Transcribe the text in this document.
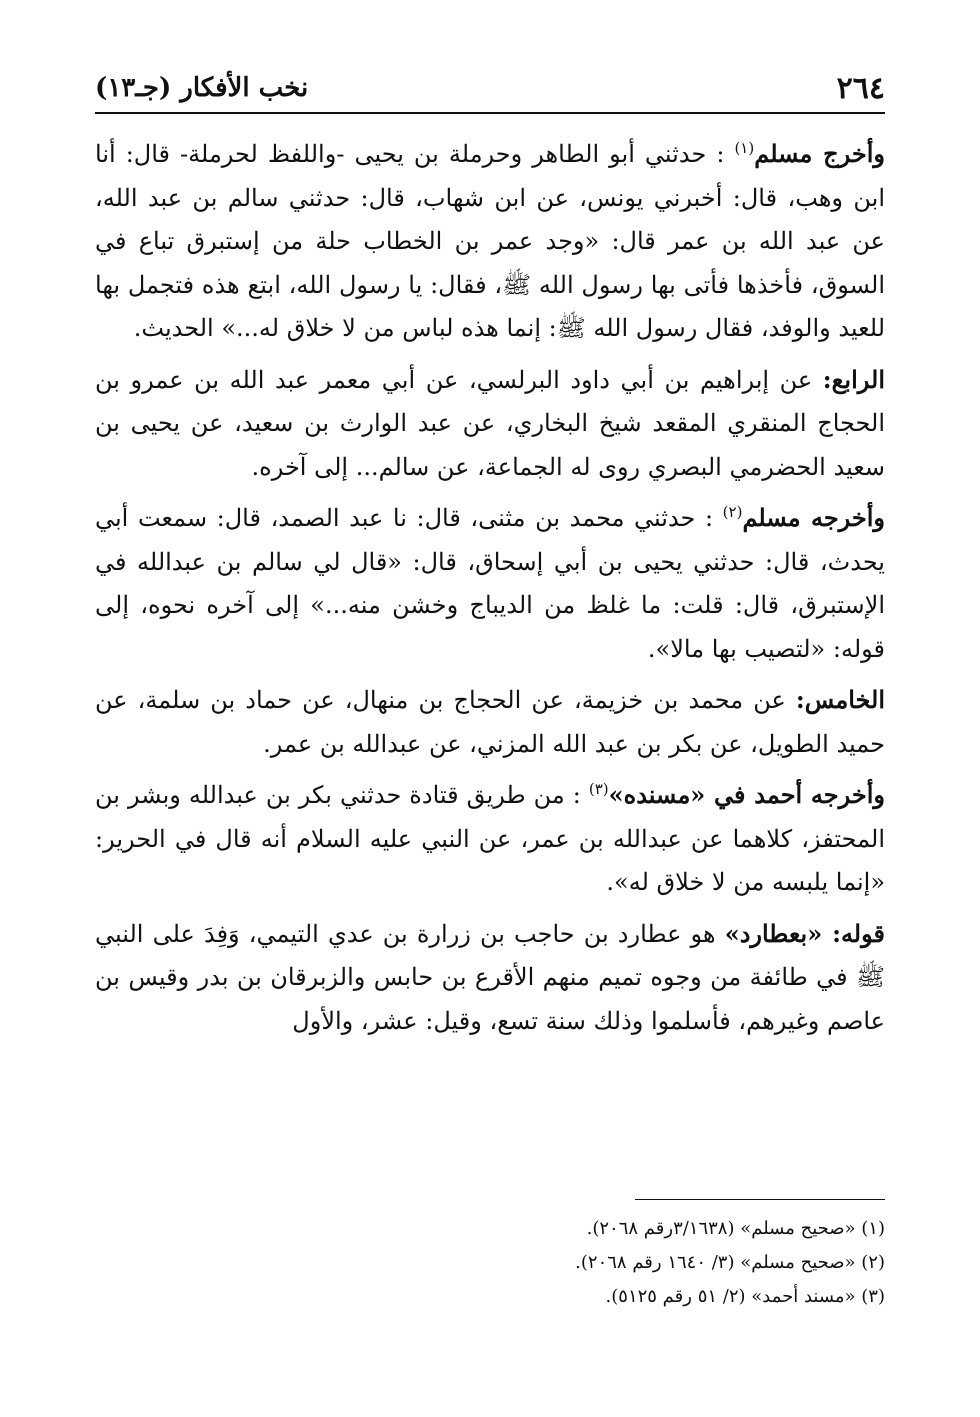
٢٦٤
نخب الأفكار (جـ١٣)

وأخرج مسلم$^{(١)}$ : حدثني أبو الطاهر وحرملة بن يحيى -واللفظ لحرملة- قال: أنا ابن وهب، قال: أخبرني يونس، عن ابن شهاب، قال: حدثني سالم بن عبد الله، عن عبد الله بن عمر قال: «وجد عمر بن الخطاب حلة من إستبرق تباع في السوق، فأخذها فأتى بها رسول الله ﷺ، فقال: يا رسول الله، ابتع هذه فتجمل بها للعيد والوفد، فقال رسول الله ﷺ: إنما هذه لباس من لا خلاق له...» الحديث.

الرابع: عن إبراهيم بن أبي داود البرلسي، عن أبي معمر عبد الله بن عمرو بن الحجاج المنقري المقعد شيخ البخاري، عن عبد الوارث بن سعيد، عن يحيى بن سعيد الحضرمي البصري روى له الجماعة، عن سالم... إلى آخره.

وأخرجه مسلم$^{(٢)}$ : حدثني محمد بن مثنى، قال: نا عبد الصمد، قال: سمعت أبي يحدث، قال: حدثني يحيى بن أبي إسحاق، قال: «قال لي سالم بن عبدالله في الإستبرق، قال: قلت: ما غلظ من الديباج وخشن منه...» إلى آخره نحوه، إلى قوله: «لتصيب بها مالا».

الخامس: عن محمد بن خزيمة، عن الحجاج بن منهال، عن حماد بن سلمة، عن حميد الطويل، عن بكر بن عبد الله المزني، عن عبدالله بن عمر.

وأخرجه أحمد في «مسنده»$^{(٣)}$ : من طريق قتادة حدثني بكر بن عبدالله وبشر بن المحتفز، كلاهما عن عبدالله بن عمر، عن النبي عليه السلام أنه قال في الحرير: «إنما يلبسه من لا خلاق له».

قوله: «بعطارد» هو عطارد بن حاجب بن زرارة بن عدي التيمي، وَفِدَ على النبي ﷺ في طائفة من وجوه تميم منهم الأقرع بن حابس والزبرقان بن بدر وقيس بن عاصم وغيرهم، فأسلموا وذلك سنة تسع، وقيل: عشر، والأول

(١) «صحيح مسلم» (٣/١٦٣٨رقم ٢٠٦٨).

(٢) «صحيح مسلم» (٣/ ١٦٤٠ رقم ٢٠٦٨).

(٣) «مسند أحمد» (٢/ ٥١ رقم ٥١٢٥).
